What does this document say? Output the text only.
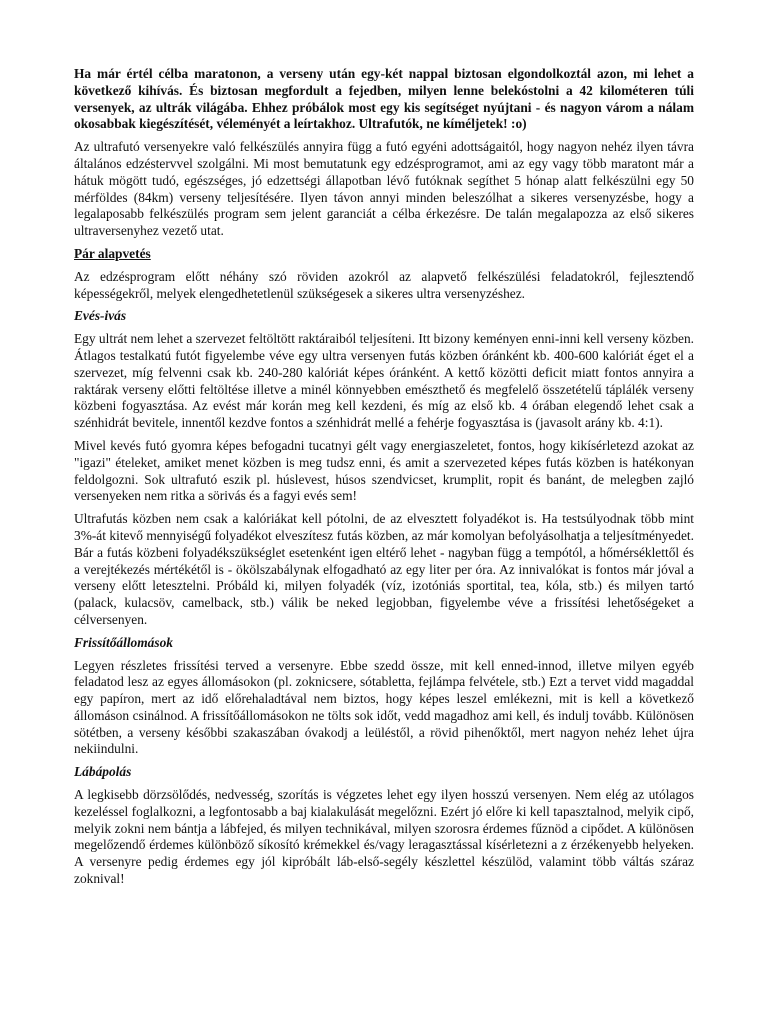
Ha már értél célba maratonon, a verseny után egy-két nappal biztosan elgondolkoztál azon, mi lehet a következő kihívás. És biztosan megfordult a fejedben, milyen lenne belekóstolni a 42 kilométeren túli versenyek, az ultrák világába. Ehhez próbálok most egy kis segítséget nyújtani - és nagyon várom a nálam okosabbak kiegészítését, véleményét a leírtakhoz. Ultrafutók, ne kíméljetek! :o)

Az ultrafutó versenyekre való felkészülés annyira függ a futó egyéni adottságaitól, hogy nagyon nehéz ilyen távra általános edzéstervvel szolgálni. Mi most bemutatunk egy edzésprogramot, ami az egy vagy több maratont már a hátuk mögött tudó, egészséges, jó edzettségi állapotban lévő futóknak segíthet 5 hónap alatt felkészülni egy 50 mérföldes (84km) verseny teljesítésére. Ilyen távon annyi minden beleszólhat a sikeres versenyzésbe, hogy a legalaposabb felkészülés program sem jelent garanciát a célba érkezésre. De talán megalapozza az első sikeres ultraversenyhez vezető utat.

Pár alapvetés

Az edzésprogram előtt néhány szó röviden azokról az alapvető felkészülési feladatokról, fejlesztendő képességekről, melyek elengedhetetlenül szükségesek a sikeres ultra versenyzéshez.

Evés-ivás

Egy ultrát nem lehet a szervezet feltöltött raktáraiból teljesíteni. Itt bizony keményen enni-inni kell verseny közben. Átlagos testalkatú futót figyelembe véve egy ultra versenyen futás közben óránként kb. 400-600 kalóriát éget el a szervezet, míg felvenni csak kb. 240-280 kalóriát képes óránként. A kettő közötti deficit miatt fontos annyira a raktárak verseny előtti feltöltése illetve a minél könnyebben emészthető és megfelelő összetételű táplálék verseny közbeni fogyasztása. Az evést már korán meg kell kezdeni, és míg az első kb. 4 órában elegendő lehet csak a szénhidrát bevitele, innentől kezdve fontos a szénhidrát mellé a fehérje fogyasztása is (javasolt arány kb. 4:1).

Mivel kevés futó gyomra képes befogadni tucatnyi gélt vagy energiaszeletet, fontos, hogy kikísérletezd azokat az "igazi" ételeket, amiket menet közben is meg tudsz enni, és amit a szervezeted képes futás közben is hatékonyan feldolgozni. Sok ultrafutó eszik pl. húslevest, húsos szendvicset, krumplit, ropit és banánt, de melegben zajló versenyeken nem ritka a sörivás és a fagyi evés sem!

Ultrafutás közben nem csak a kalóriákat kell pótolni, de az elvesztett folyadékot is. Ha testsúlyodnak több mint 3%-át kitevő mennyiségű folyadékot elveszítesz futás közben, az már komolyan befolyásolhatja a teljesítményedet. Bár a futás közbeni folyadékszükséglet esetenként igen eltérő lehet - nagyban függ a tempótól, a hőmérséklettől és a verejtékezés mértékétől is - ökölszabálynak elfogadható az egy liter per óra. Az innivalókat is fontos már jóval a verseny előtt letesztelni. Próbáld ki, milyen folyadék (víz, izotóniás sportital, tea, kóla, stb.) és milyen tartó (palack, kulacsöv, camelback, stb.) válik be neked legjobban, figyelembe véve a frissítési lehetőségeket a célversenyen.

Frissítőállomások

Legyen részletes frissítési terved a versenyre. Ebbe szedd össze, mit kell enned-innod, illetve milyen egyéb feladatod lesz az egyes állomásokon (pl. zoknicsere, sótabletta, fejlámpa felvétele, stb.) Ezt a tervet vidd magaddal egy papíron, mert az idő előrehaladtával nem biztos, hogy képes leszel emlékezni, mit is kell a következő állomáson csinálnod. A frissítőállomásokon ne tölts sok időt, vedd magadhoz ami kell, és indulj tovább. Különösen sötétben, a verseny későbbi szakaszában óvakodj a leüléstől, a rövid pihenőktől, mert nagyon nehéz lehet újra nekiindulni.

Lábápolás

A legkisebb dörzsölődés, nedvesség, szorítás is végzetes lehet egy ilyen hosszú versenyen. Nem elég az utólagos kezeléssel foglalkozni, a legfontosabb a baj kialakulását megelőzni. Ezért jó előre ki kell tapasztalnod, melyik cipő, melyik zokni nem bántja a lábfejed, és milyen technikával, milyen szorosra érdemes fűznöd a cipődet. A különösen megelőzendő érdemes különböző síkosító krémekkel és/vagy leragasztással kísérletezni a z érzékenyebb helyeken. A versenyre pedig érdemes egy jól kipróbált láb-első-segély készlettel készülöd, valamint több váltás száraz zoknival!
